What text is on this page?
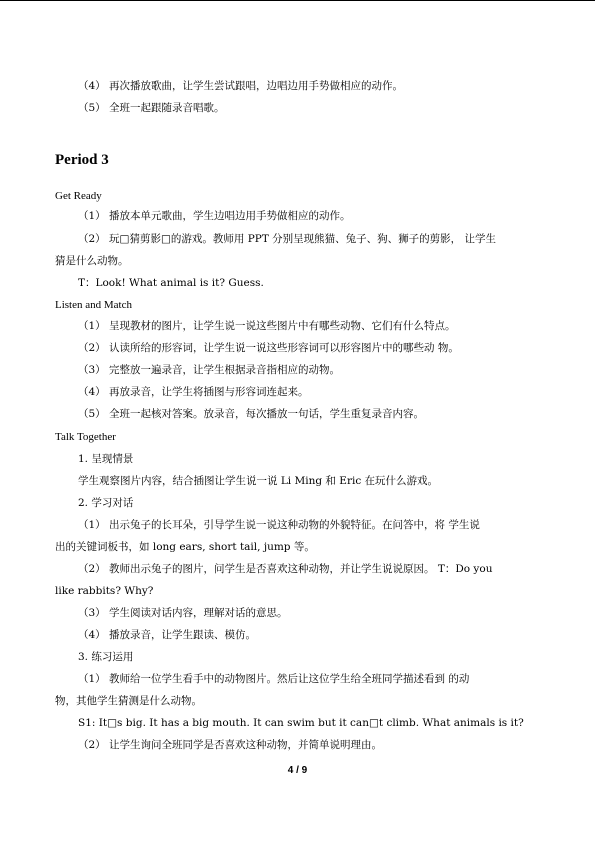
（4） 再次播放歌曲，让学生尝试跟唱，边唱边用手势做相应的动作。
（5） 全班一起跟随录音唱歌。
Period 3
Get Ready
（1） 播放本单元歌曲，学生边唱边用手势做相应的动作。
（2） 玩□猜剪影□的游戏。教师用 PPT 分别呈现熊猫、兔子、狗、狮子的剪影， 让学生
猜是什么动物。
T：Look! What animal is it? Guess.
Listen and Match
（1） 呈现教材的图片，让学生说一说这些图片中有哪些动物、它们有什么特点。
（2） 认读所给的形容词，让学生说一说这些形容词可以形容图片中的哪些动 物。
（3） 完整放一遍录音，让学生根据录音指相应的动物。
（4） 再放录音，让学生将插图与形容词连起来。
（5） 全班一起核对答案。放录音，每次播放一句话，学生重复录音内容。
Talk Together
1. 呈现情景
学生观察图片内容，结合插图让学生说一说 Li Ming 和 Eric 在玩什么游戏。
2. 学习对话
（1） 出示兔子的长耳朵，引导学生说一说这种动物的外貌特征。在问答中，将 学生说
出的关键词板书，如 long ears, short tail, jump 等。
（2） 教师出示兔子的图片，问学生是否喜欢这种动物，并让学生说说原因。 T：Do you
like rabbits? Why?
（3） 学生阅读对话内容，理解对话的意思。
（4） 播放录音，让学生跟读、模仿。
3. 练习运用
（1） 教师给一位学生看手中的动物图片。然后让这位学生给全班同学描述看到 的动
物，其他学生猜测是什么动物。
S1: It□s big. It has a big mouth. It can swim but it can□t climb. What animals is it?
（2） 让学生询问全班同学是否喜欢这种动物，并简单说明理由。
4 / 9
